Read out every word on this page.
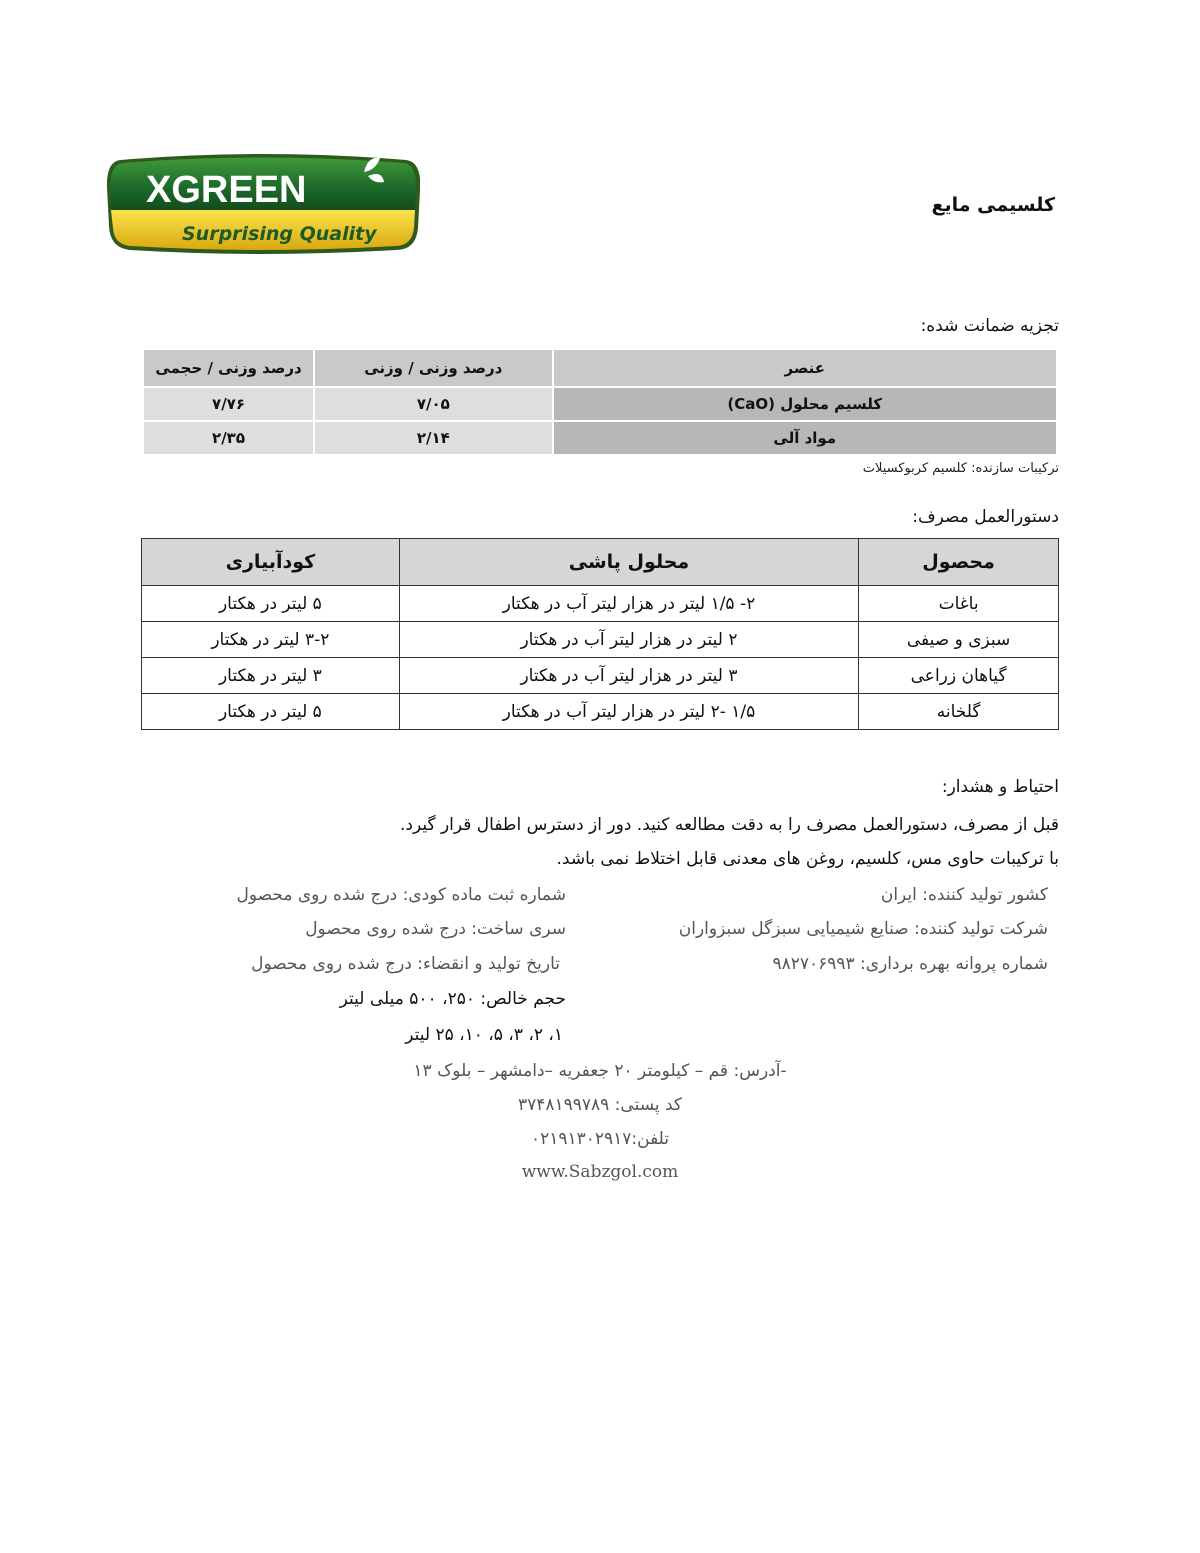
XGREEN
Surprising Quality
کلسیمی مایع
تجزیه ضمانت شده:
عنصر	درصد وزنی / وزنی	درصد وزنی / حجمی
کلسیم محلول (CaO)	۷/۰۵	۷/۷۶
مواد آلی	۲/۱۴	۲/۳۵
ترکیبات سازنده: کلسیم کربوکسیلات
دستورالعمل مصرف:
محصول	محلول پاشی	کودآبیاری
باغات	۲- ۱/۵ لیتر در هزار لیتر آب در هکتار	۵ لیتر در هکتار
سبزی و صیفی	۲ لیتر در هزار لیتر آب در هکتار	۳-۲ لیتر در هکتار
گیاهان زراعی	۳ لیتر در هزار لیتر آب در هکتار	۳ لیتر در هکتار
گلخانه	۱/۵ -۲ لیتر در هزار لیتر آب در هکتار	۵ لیتر در هکتار
احتیاط و هشدار:
قبل از مصرف، دستورالعمل مصرف را به دقت مطالعه کنید. دور از دسترس اطفال قرار گیرد.
با ترکیبات حاوی مس، کلسیم، روغن های معدنی قابل اختلاط نمی باشد.
کشور تولید کننده: ایران
شرکت تولید کننده: صنایع شیمیایی سبزگل سبزواران
شماره پروانه بهره برداری: ۹۸۲۷۰۶۹۹۳
شماره ثبت ماده کودی: درج شده روی محصول
سری ساخت: درج شده روی محصول
تاریخ تولید و انقضاء: درج شده روی محصول
حجم خالص: ۲۵۰، ۵۰۰ میلی لیتر
۱، ۲، ۳، ۵، ۱۰، ۲۵ لیتر
-آدرس: قم – کیلومتر ۲۰ جعفریه –دامشهر – بلوک ۱۳
کد پستی: ۳۷۴۸۱۹۹۷۸۹
تلفن:۰۲۱۹۱۳۰۲۹۱۷
www.Sabzgol.com
